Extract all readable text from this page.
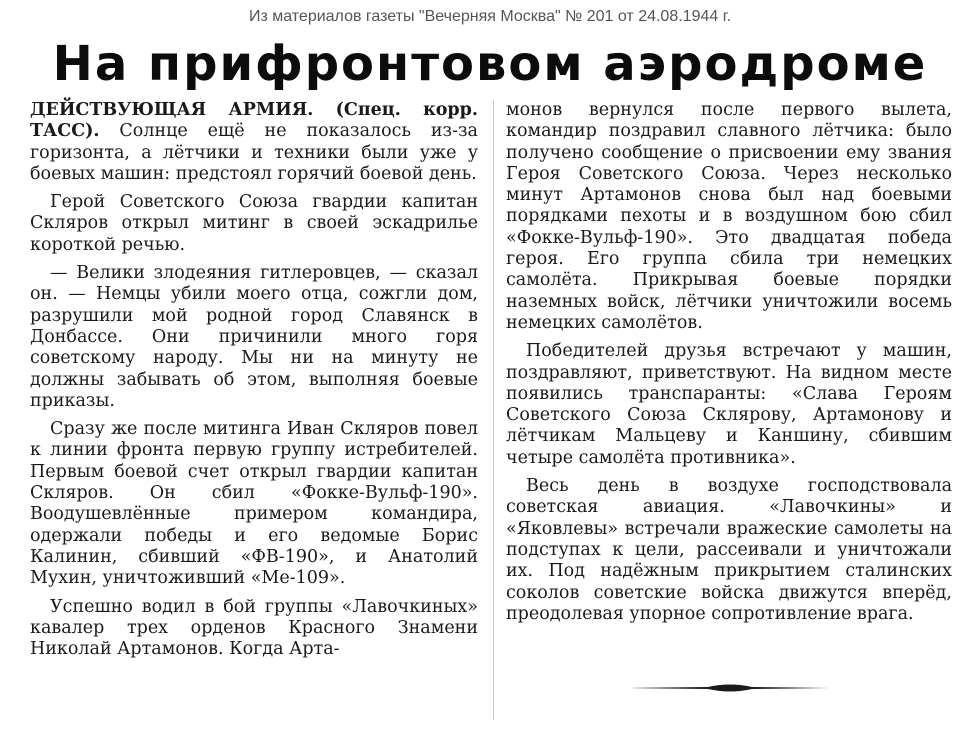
Из материалов газеты "Вечерняя Москва" № 201 от 24.08.1944 г.
На прифронтовом аэродроме

ДЕЙСТВУЮЩАЯ АРМИЯ. (Спец. корр. ТАСС). Солнце ещё не показалось из-за горизонта, а лётчики и техники были уже у боевых машин: предстоял горячий боевой день.

Герой Советского Союза гвардии капитан Скляров открыл митинг в своей эскадрилье короткой речью.

— Велики злодеяния гитлеровцев, — сказал он. — Немцы убили моего отца, сожгли дом, разрушили мой родной город Славянск в Донбассе. Они причинили много горя советскому народу. Мы ни на минуту не должны забывать об этом, выполняя боевые приказы.

Сразу же после митинга Иван Скляров повел к линии фронта первую группу истребителей. Первым боевой счет открыл гвардии капитан Скляров. Он сбил «Фокке-Вульф-190». Воодушевлённые примером командира, одержали победы и его ведомые Борис Калинин, сбивший «ФВ-190», и Анатолий Мухин, уничтоживший «Ме-109».

Успешно водил в бой группы «Лавочкиных» кавалер трех орденов Красного Знамени Николай Артамонов. Когда Арта-

монов вернулся после первого вылета, командир поздравил славного лётчика: было получено сообщение о присвоении ему звания Героя Советского Союза. Через несколько минут Артамонов снова был над боевыми порядками пехоты и в воздушном бою сбил «Фокке-Вульф-190». Это двадцатая победа героя. Его группа сбила три немецких самолёта. Прикрывая боевые порядки наземных войск, лётчики уничтожили восемь немецких самолётов.

Победителей друзья встречают у машин, поздравляют, приветствуют. На видном месте появились транспаранты: «Слава Героям Советского Союза Склярову, Артамонову и лётчикам Мальцеву и Каншину, сбившим четыре самолёта противника».

Весь день в воздухе господствовала советская авиация. «Лавочкины» и «Яковлевы» встречали вражеские самолеты на подступах к цели, рассеивали и уничтожали их. Под надёжным прикрытием сталинских соколов советские войска движутся вперёд, преодолевая упорное сопротивление врага.
